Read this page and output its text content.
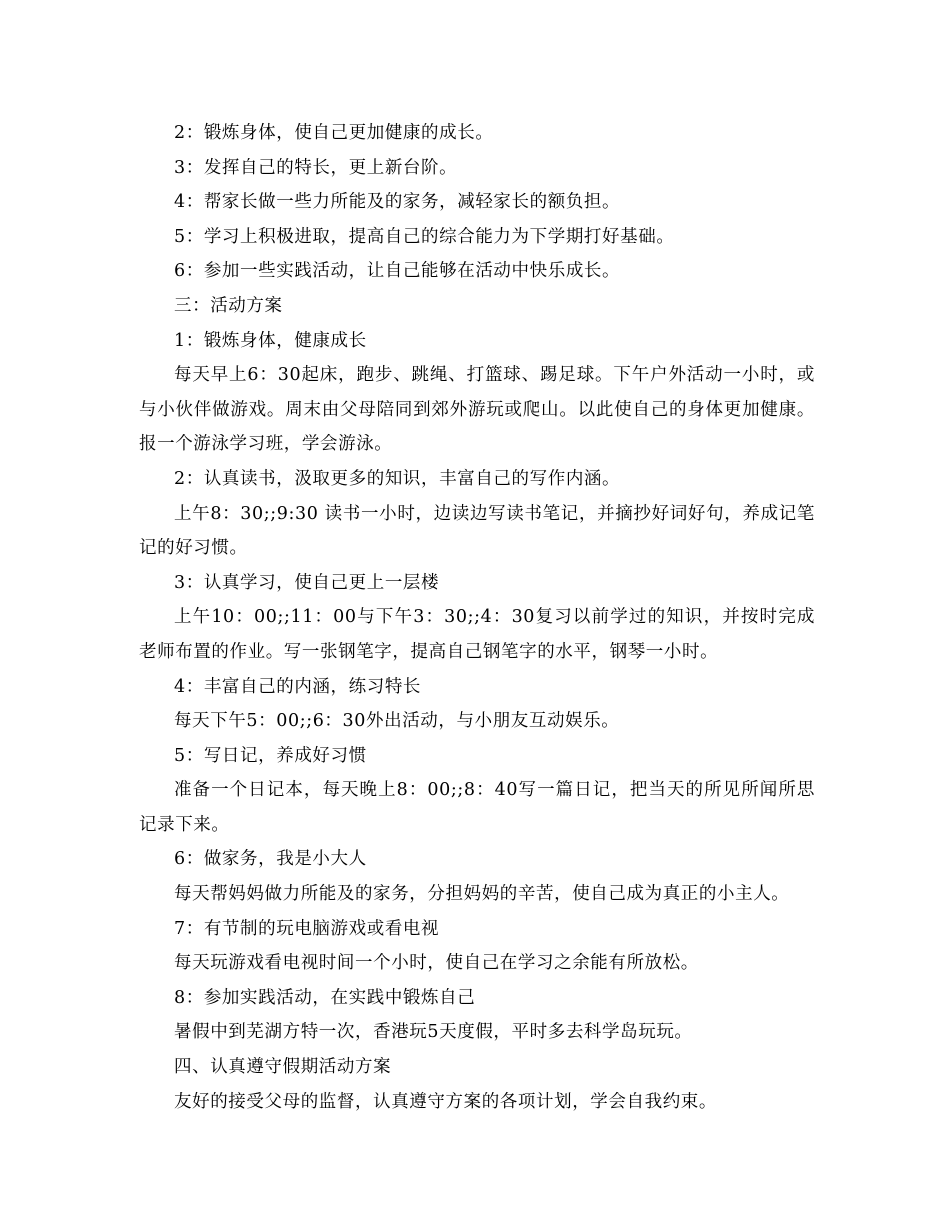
2：锻炼身体，使自己更加健康的成长。

3：发挥自己的特长，更上新台阶。

4：帮家长做一些力所能及的家务，减轻家长的额负担。

5：学习上积极进取，提高自己的综合能力为下学期打好基础。

6：参加一些实践活动，让自己能够在活动中快乐成长。

三：活动方案

1：锻炼身体，健康成长

每天早上6：30起床，跑步、跳绳、打篮球、踢足球。下午户外活动一小时，或与小伙伴做游戏。周末由父母陪同到郊外游玩或爬山。以此使自己的身体更加健康。报一个游泳学习班，学会游泳。

2：认真读书，汲取更多的知识，丰富自己的写作内涵。

上午8：30;;9:30 读书一小时，边读边写读书笔记，并摘抄好词好句，养成记笔记的好习惯。

3：认真学习，使自己更上一层楼

上午10：00;;11：00与下午3：30;;4：30复习以前学过的知识，并按时完成老师布置的作业。写一张钢笔字，提高自己钢笔字的水平，钢琴一小时。

4：丰富自己的内涵，练习特长

每天下午5：00;;6：30外出活动，与小朋友互动娱乐。

5：写日记，养成好习惯

准备一个日记本，每天晚上8：00;;8：40写一篇日记，把当天的所见所闻所思记录下来。

6：做家务，我是小大人

每天帮妈妈做力所能及的家务，分担妈妈的辛苦，使自己成为真正的小主人。

7：有节制的玩电脑游戏或看电视

每天玩游戏看电视时间一个小时，使自己在学习之余能有所放松。

8：参加实践活动，在实践中锻炼自己

暑假中到芜湖方特一次，香港玩5天度假，平时多去科学岛玩玩。

四、认真遵守假期活动方案

友好的接受父母的监督，认真遵守方案的各项计划，学会自我约束。
